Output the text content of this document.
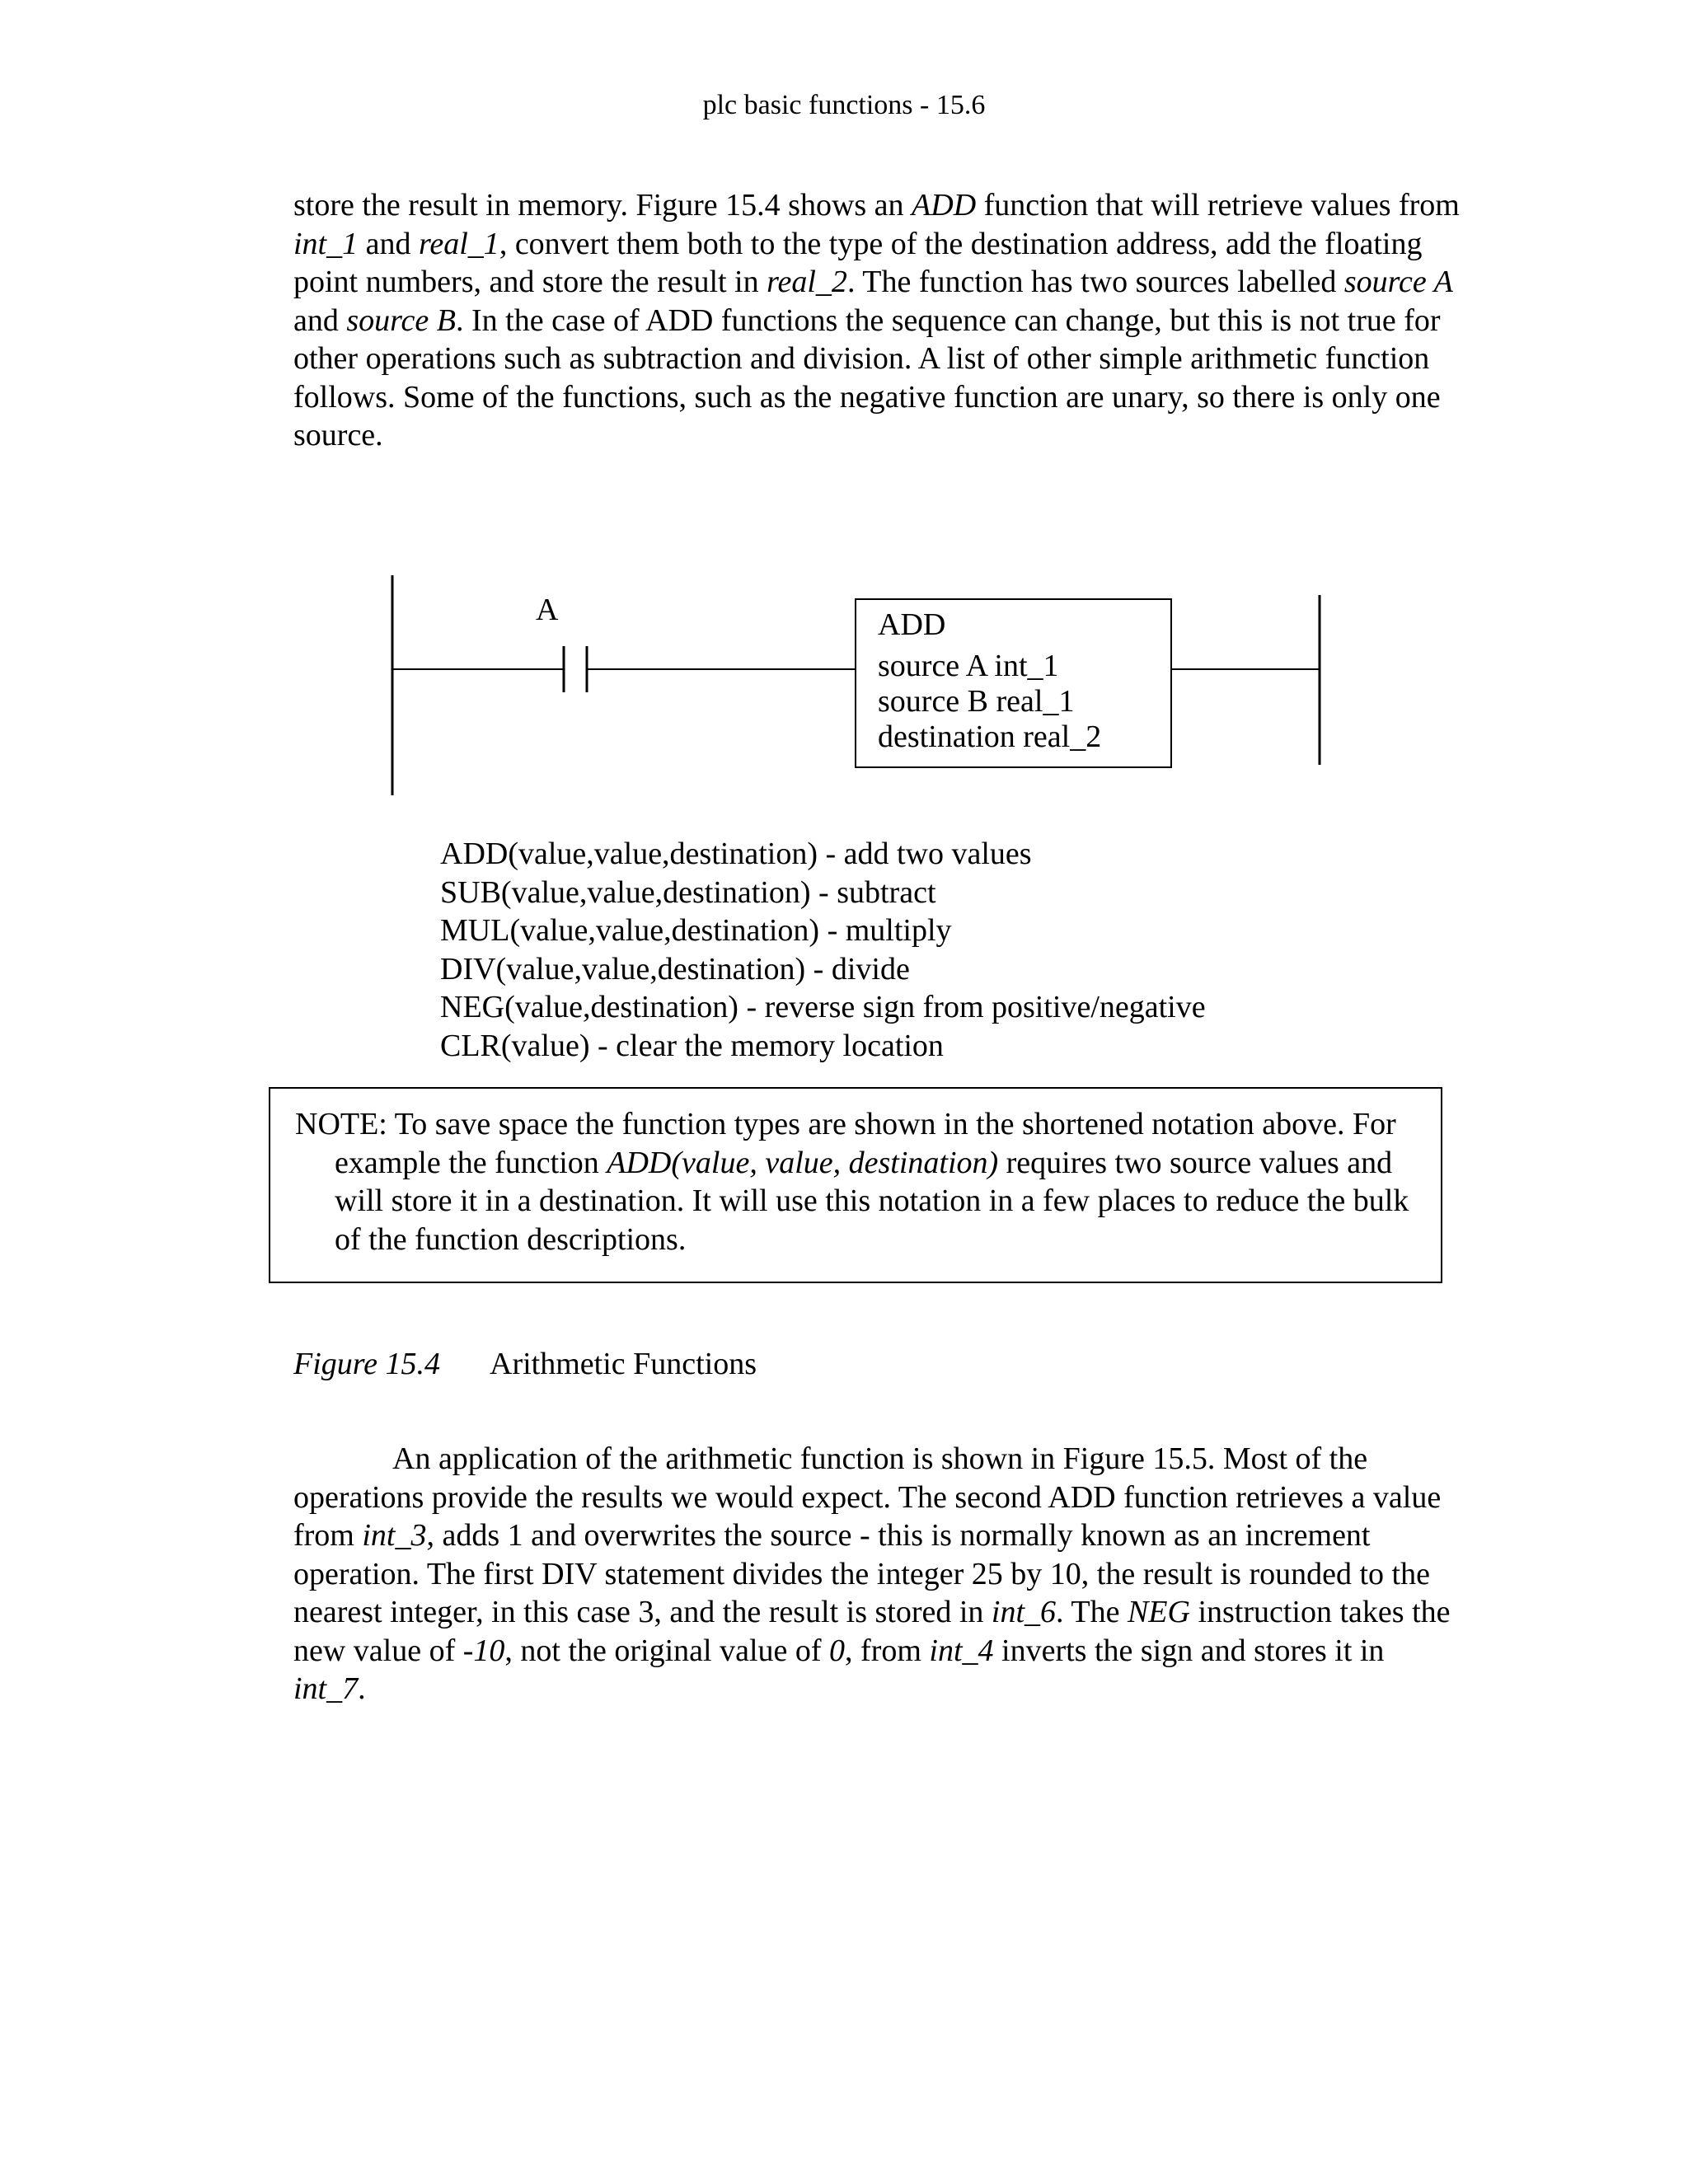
plc basic functions - 15.6

store the result in memory. Figure 15.4 shows an ADD function that will retrieve values from int_1 and real_1, convert them both to the type of the destination address, add the floating point numbers, and store the result in real_2. The function has two sources labelled source A and source B. In the case of ADD functions the sequence can change, but this is not true for other operations such as subtraction and division. A list of other simple arithmetic function follows. Some of the functions, such as the negative function are unary, so there is only one source.

A	ADD
source A int_1
source B real_1
destination real_2
ADD(value,value,destination) - add two values
SUB(value,value,destination) - subtract
MUL(value,value,destination) - multiply
DIV(value,value,destination) - divide
NEG(value,destination) - reverse sign from positive/negative
CLR(value) - clear the memory location

NOTE: To save space the function types are shown in the shortened notation above. For example the function ADD(value, value, destination) requires two source values and will store it in a destination. It will use this notation in a few places to reduce the bulk of the function descriptions.

Figure 15.4 Arithmetic Functions

An application of the arithmetic function is shown in Figure 15.5. Most of the operations provide the results we would expect. The second ADD function retrieves a value from int_3, adds 1 and overwrites the source - this is normally known as an increment operation. The first DIV statement divides the integer 25 by 10, the result is rounded to the nearest integer, in this case 3, and the result is stored in int_6. The NEG instruction takes the new value of -10, not the original value of 0, from int_4 inverts the sign and stores it in int_7.
